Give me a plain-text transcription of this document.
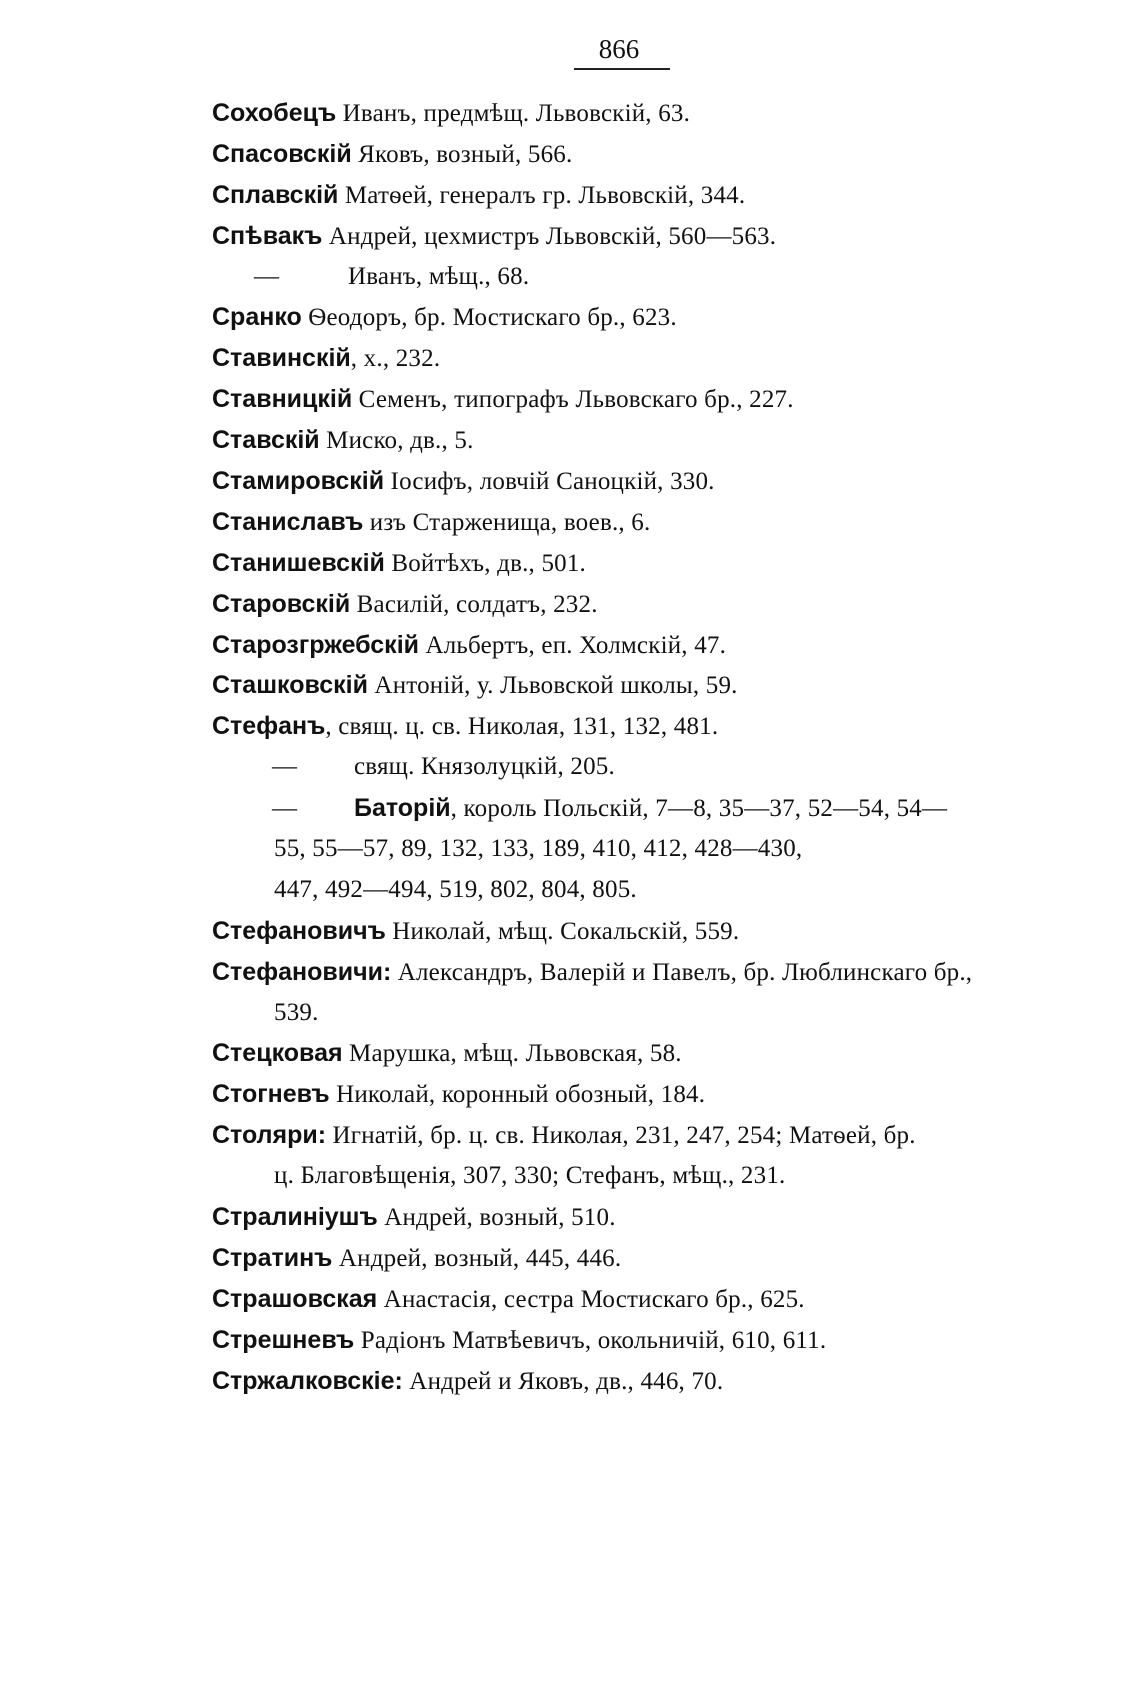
866
Сохобецъ Иванъ, предмѣщ. Львовскій, 63.
Спасовскій Яковъ, возный, 566.
Сплавскій Матѳей, генералъ гр. Львовскій, 344.
Спѣвакъ Андрей, цехмистръ Львовскій, 560—563.
—	Иванъ, мѣщ., 68.
Сранко Ѳеодоръ, бр. Мостискаго бр., 623.
Ставинскій, х., 232.
Ставницкій Семенъ, типографъ Львовскаго бр., 227.
Ставскій Миско, дв., 5.
Стамировскій Іосифъ, ловчій Саноцкій, 330.
Станиславъ изъ Старженища, воев., 6.
Станишевскій Войтѣхъ, дв., 501.
Старовскій Василій, солдатъ, 232.
Старозгржебскій Альбертъ, еп. Холмскій, 47.
Сташковскій Антоній, у. Львовской школы, 59.
Стефанъ, свящ. ц. св. Николая, 131, 132, 481.
— свящ. Князолуцкій, 205.
— Баторій, король Польскій, 7—8, 35—37, 52—54, 54—
55, 55—57, 89, 132, 133, 189, 410, 412, 428—430,
447, 492—494, 519, 802, 804, 805.
Стефановичъ Николай, мѣщ. Сокальскій, 559.
Стефановичи: Александръ, Валерій и Павелъ, бр. Люблинскаго бр.,
539.
Стецковая Марушка, мѣщ. Львовская, 58.
Стогневъ Николай, коронный обозный, 184.
Столяри: Игнатій, бр. ц. св. Николая, 231, 247, 254; Матѳей, бр.
ц. Благовѣщенія, 307, 330; Стефанъ, мѣщ., 231.
Стралиніушъ Андрей, возный, 510.
Стратинъ Андрей, возный, 445, 446.
Страшовская Анастасія, сестра Мостискаго бр., 625.
Стрешневъ Радіонъ Матвѣевичъ, окольничій, 610, 611.
Стржалковскіе: Андрей и Яковъ, дв., 446, 70.
